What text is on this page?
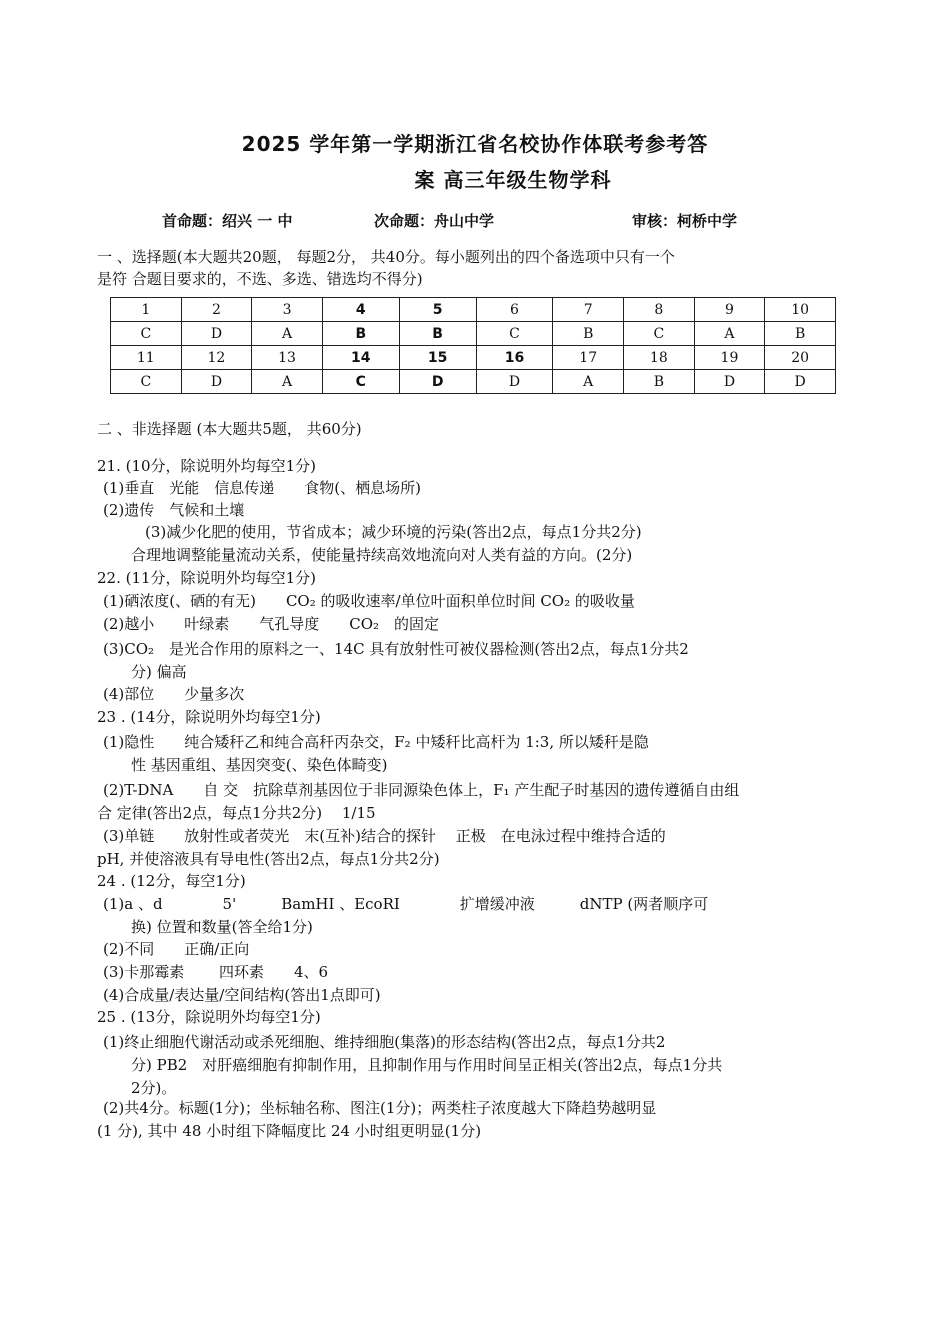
2025 学年第一学期浙江省名校协作体联考参考答
案 高三年级生物学科
首命题：绍兴 一 中	次命题：舟山中学	审核：柯桥中学
一 、选择题(本大题共20题， 每题2分， 共40分。每小题列出的四个备选项中只有一个
是符 合题目要求的，不选、多选、错选均不得分)
1	2	3	4	5	6	7	8	9	10
C	D	A	B	B	C	B	C	A	B
11	12	13	14	15	16	17	18	19	20
C	D	A	C	D	D	A	B	D	D
二 、非选择题 (本大题共5题， 共60分)
21. (10分，除说明外均每空1分)
(1)垂直　光能　信息传递　　食物(、栖息场所)
(2)遗传　气候和土壤
(3)减少化肥的使用，节省成本；减少环境的污染(答出2点，每点1分共2分)
合理地调整能量流动关系，使能量持续高效地流向对人类有益的方向。(2分)
22. (11分，除说明外均每空1分)
(1)硒浓度(、硒的有无)　　CO₂ 的吸收速率/单位叶面积单位时间 CO₂ 的吸收量
(2)越小　　叶绿素　　气孔导度　　CO₂　的固定
(3)CO₂　是光合作用的原料之一、14C 具有放射性可被仪器检测(答出2点，每点1分共2
分) 偏高
(4)部位　　少量多次
23 . (14分，除说明外均每空1分)
(1)隐性　　纯合矮秆乙和纯合高秆丙杂交，F₂ 中矮秆比高杆为 1:3, 所以矮秆是隐
性 基因重组、基因突变(、染色体畸变)
(2)T-DNA　　自 交　抗除草剂基因位于非同源染色体上，F₁ 产生配子时基因的遗传遵循自由组
合 定律(答出2点，每点1分共2分)　 1/15
(3)单链　　放射性或者荧光　末(互补)结合的探针　 正极　在电泳过程中维持合适的
pH, 并使溶液具有导电性(答出2点，每点1分共2分)
24 . (12分，每空1分)
(1)a 、d　　　　5'　　　BamHI 、EcoRI　　　　扩增缓冲液　　　dNTP (两者顺序可
换) 位置和数量(答全给1分)
(2)不同　　正确/正向
(3)卡那霉素　　 四环素　　4、6
(4)合成量/表达量/空间结构(答出1点即可)
25 . (13分，除说明外均每空1分)
(1)终止细胞代谢活动或杀死细胞、维持细胞(集落)的形态结构(答出2点，每点1分共2
分) PB2　对肝癌细胞有抑制作用，且抑制作用与作用时间呈正相关(答出2点，每点1分共
2分)。
(2)共4分。标题(1分)；坐标轴名称、图注(1分)；两类柱子浓度越大下降趋势越明显
(1 分), 其中 48 小时组下降幅度比 24 小时组更明显(1分)
